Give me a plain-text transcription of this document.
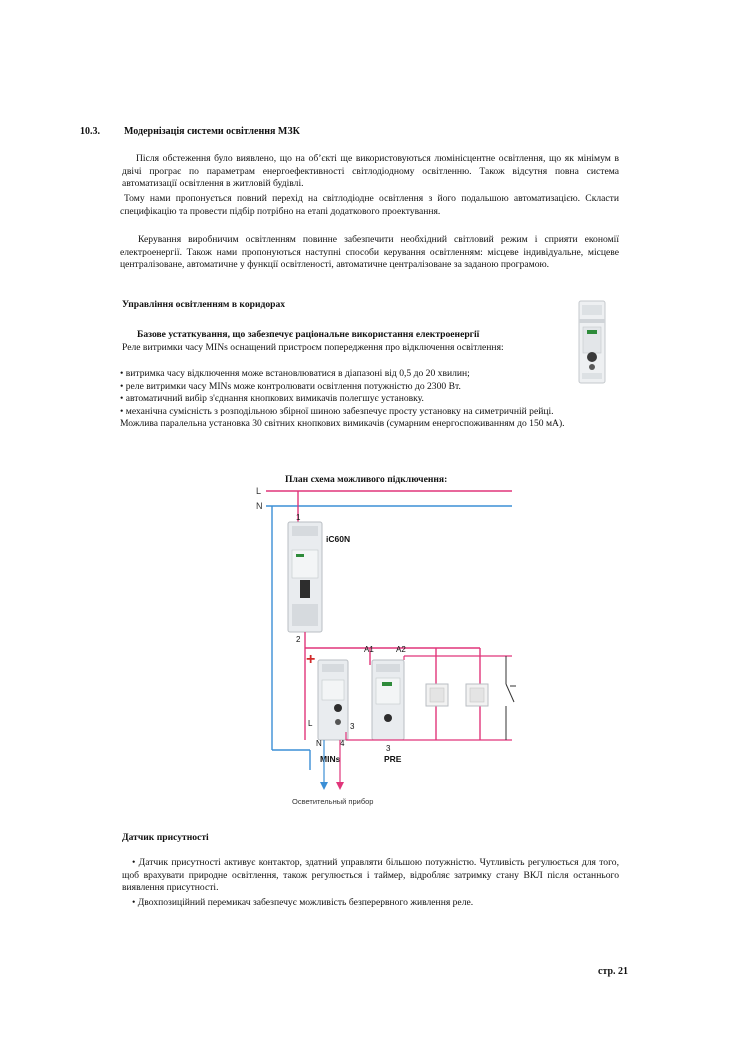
10.3. Модернізація системи освітлення МЗК
Після обстеження було виявлено, що на об’єкті ще використовуються люмінісцентне освітлення, що як мінімум в двічі програє по параметрам енергоефективності світлодіодному освітленню. Також відсутня повна система автоматизації освітлення в житловій будівлі.
Тому нами пропонується повний перехід на світлодіодне освітлення з його подальшою автоматизацією. Скласти специфікацію та провести підбір потрібно на етапі додаткового проектування.
Керування виробничим освітленням повинне забезпечити необхідний світловий режим і сприяти економії електроенергії. Також нами пропонуються наступні способи керування освітленням: місцеве індивідуальне, місцеве централізоване, автоматичне у функції освітленості, автоматичне централізоване за заданою програмою.
Управління освітленням в коридорах
Базове устаткування, що забезпечує раціональне використання електроенергії
Реле витримки часу MINs оснащений пристроєм попередження про відключення освітлення:
• витримка часу відключення може встановлюватися в діапазоні від 0,5 до 20 хвилин;
• реле витримки часу MINs може контролювати освітлення потужністю до 2300 Вт.
• автоматичний вибір з'єднання кнопкових вимикачів полегшує установку.
• механічна сумісність з розподільною збірної шиною забезпечує просту установку на симетричній рейці.
Можлива паралельна установка 30 світних кнопкових вимикачів (сумарним енергоспоживанням до 150 мА).
План схема можливого підключення:
L
N
1
iC60N
2
+
L	3
N 4
MINs
A1	A2
3
PRE
Осветительный прибор
Датчик присутності
• Датчик присутності активує контактор, здатний управляти більшою потужністю. Чутливість регулюється для того, щоб врахувати природне освітлення, також регулюється і таймер, відробляє затримку стану ВКЛ після останнього виявлення присутності.
• Двохпозиційний перемикач забезпечує можливість безперервного живлення реле.
стр. 21
